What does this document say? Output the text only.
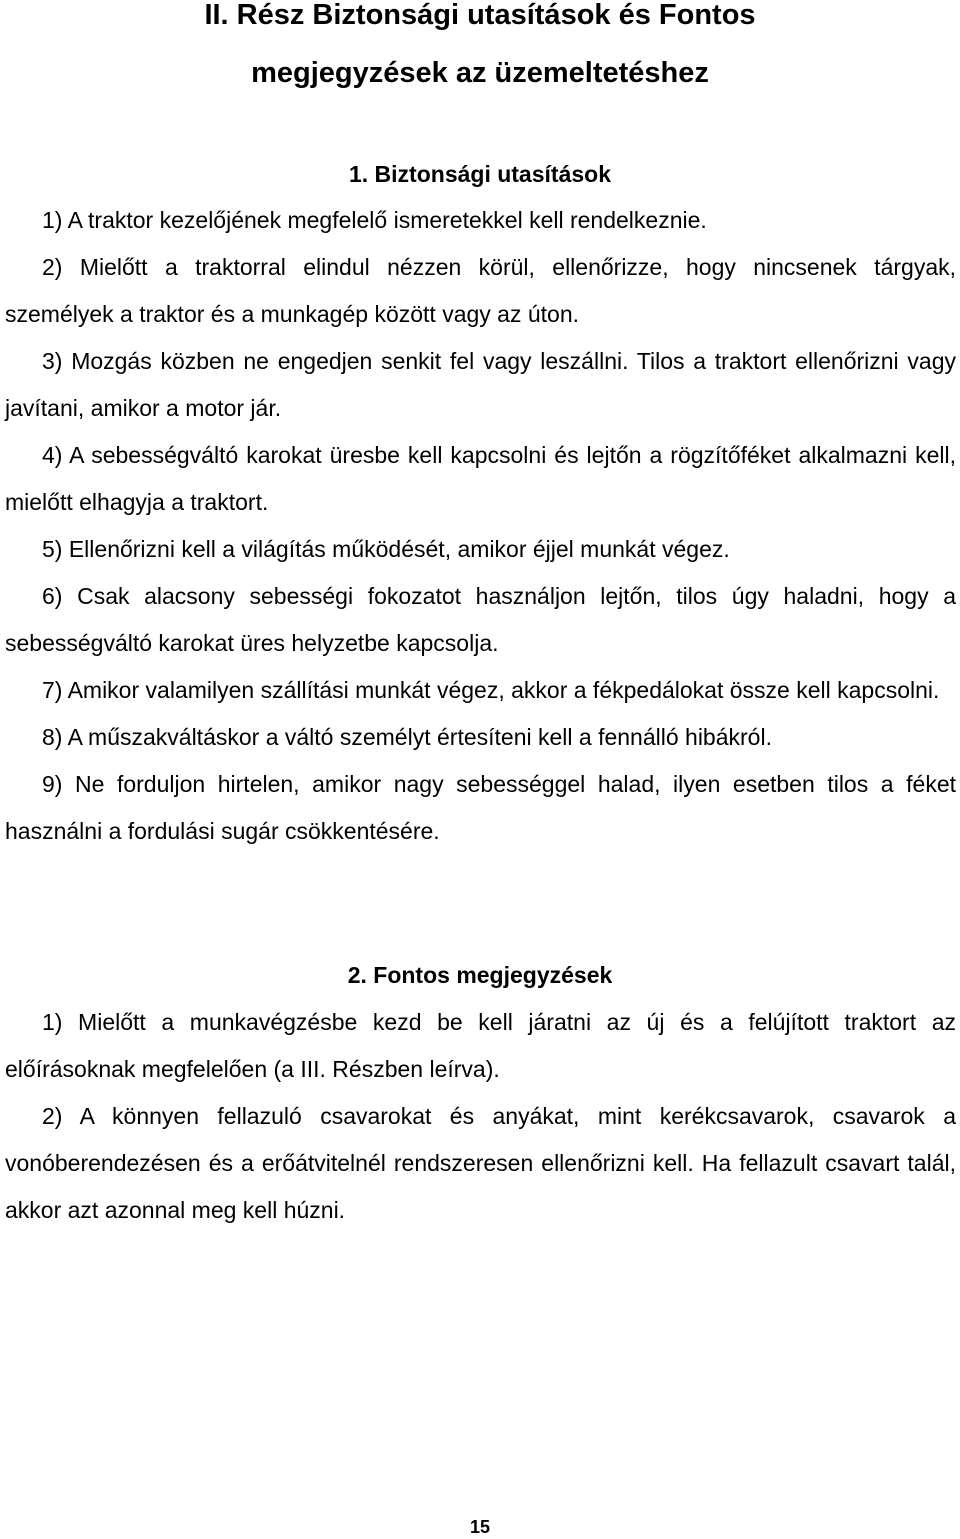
II. Rész Biztonsági utasítások és Fontos
megjegyzések az üzemeltetéshez
1. Biztonsági utasítások

1) A traktor kezelőjének megfelelő ismeretekkel kell rendelkeznie.

2) Mielőtt a traktorral elindul nézzen körül, ellenőrizze, hogy nincsenek tárgyak, személyek a traktor és a munkagép között vagy az úton.

3) Mozgás közben ne engedjen senkit fel vagy leszállni. Tilos a traktort ellenőrizni vagy javítani, amikor a motor jár.

4) A sebességváltó karokat üresbe kell kapcsolni és lejtőn a rögzítőféket alkalmazni kell, mielőtt elhagyja a traktort.

5) Ellenőrizni kell a világítás működését, amikor éjjel munkát végez.

6) Csak alacsony sebességi fokozatot használjon lejtőn, tilos úgy haladni, hogy a sebességváltó karokat üres helyzetbe kapcsolja.

7) Amikor valamilyen szállítási munkát végez, akkor a fékpedálokat össze kell kapcsolni.

8) A műszakváltáskor a váltó személyt értesíteni kell a fennálló hibákról.

9) Ne forduljon hirtelen, amikor nagy sebességgel halad, ilyen esetben tilos a féket használni a fordulási sugár csökkentésére.

2. Fontos megjegyzések

1) Mielőtt a munkavégzésbe kezd be kell járatni az új és a felújított traktort az előírásoknak megfelelően (a III. Részben leírva).

2) A könnyen fellazuló csavarokat és anyákat, mint kerékcsavarok, csavarok a vonóberendezésen és a erőátvitelnél rendszeresen ellenőrizni kell. Ha fellazult csavart talál, akkor azt azonnal meg kell húzni.

15
